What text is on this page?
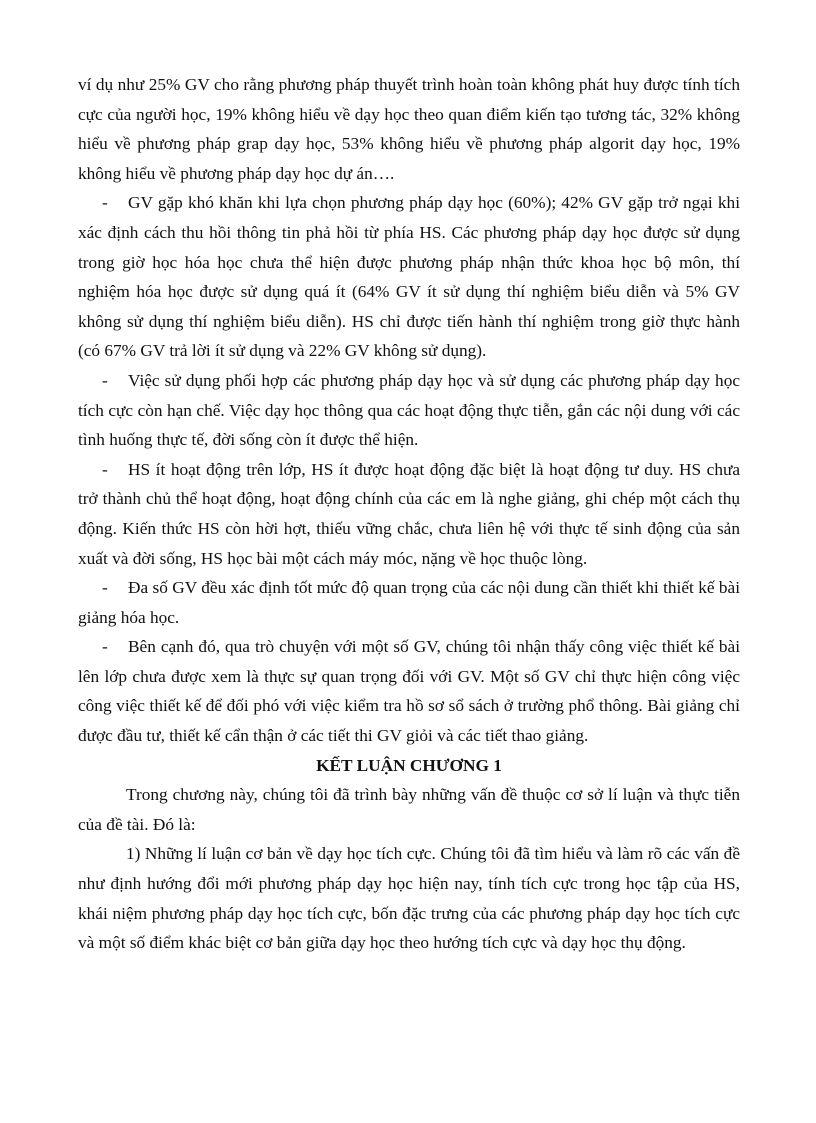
ví dụ như 25% GV cho rằng phương pháp thuyết trình hoàn toàn không phát huy được tính tích cực của người học, 19% không hiểu về dạy học theo quan điểm kiến tạo tương tác, 32% không hiểu về phương pháp grap dạy học, 53% không hiểu về phương pháp algorit dạy học, 19% không hiểu về phương pháp dạy học dự án….

- GV gặp khó khăn khi lựa chọn phương pháp dạy học (60%); 42% GV gặp trở ngại khi xác định cách thu hồi thông tin phả hồi từ phía HS. Các phương pháp dạy học được sử dụng trong giờ học hóa học chưa thể hiện được phương pháp nhận thức khoa học bộ môn, thí nghiệm hóa học được sử dụng quá ít (64% GV ít sử dụng thí nghiệm biểu diễn và 5% GV không sử dụng thí nghiệm biểu diễn). HS chỉ được tiến hành thí nghiệm trong giờ thực hành (có 67% GV trả lời ít sử dụng và 22% GV không sử dụng).

- Việc sử dụng phối hợp các phương pháp dạy học và sử dụng các phương pháp dạy học tích cực còn hạn chế. Việc dạy học thông qua các hoạt động thực tiễn, gắn các nội dung với các tình huống thực tế, đời sống còn ít được thể hiện.

- HS ít hoạt động trên lớp, HS ít được hoạt động đặc biệt là hoạt động tư duy. HS chưa trở thành chủ thể hoạt động, hoạt động chính của các em là nghe giảng, ghi chép một cách thụ động. Kiến thức HS còn hời hợt, thiếu vững chắc, chưa liên hệ với thực tế sinh động của sản xuất và đời sống, HS học bài một cách máy móc, nặng về học thuộc lòng.

- Đa số GV đều xác định tốt mức độ quan trọng của các nội dung cần thiết khi thiết kế bài giảng hóa học.

- Bên cạnh đó, qua trò chuyện với một số GV, chúng tôi nhận thấy công việc thiết kế bài lên lớp chưa được xem là thực sự quan trọng đối với GV. Một số GV chỉ thực hiện công việc công việc thiết kế để đối phó với việc kiểm tra hồ sơ sổ sách ở trường phổ thông. Bài giảng chỉ được đầu tư, thiết kế cẩn thận ở các tiết thi GV giỏi và các tiết thao giảng.

KẾT LUẬN CHƯƠNG 1

Trong chương này, chúng tôi đã trình bày những vấn đề thuộc cơ sở lí luận và thực tiễn của đề tài. Đó là:

1) Những lí luận cơ bản về dạy học tích cực. Chúng tôi đã tìm hiểu và làm rõ các vấn đề như định hướng đổi mới phương pháp dạy học hiện nay, tính tích cực trong học tập của HS, khái niệm phương pháp dạy học tích cực, bốn đặc trưng của các phương pháp dạy học tích cực và một số điểm khác biệt cơ bản giữa dạy học theo hướng tích cực và dạy học thụ động.
